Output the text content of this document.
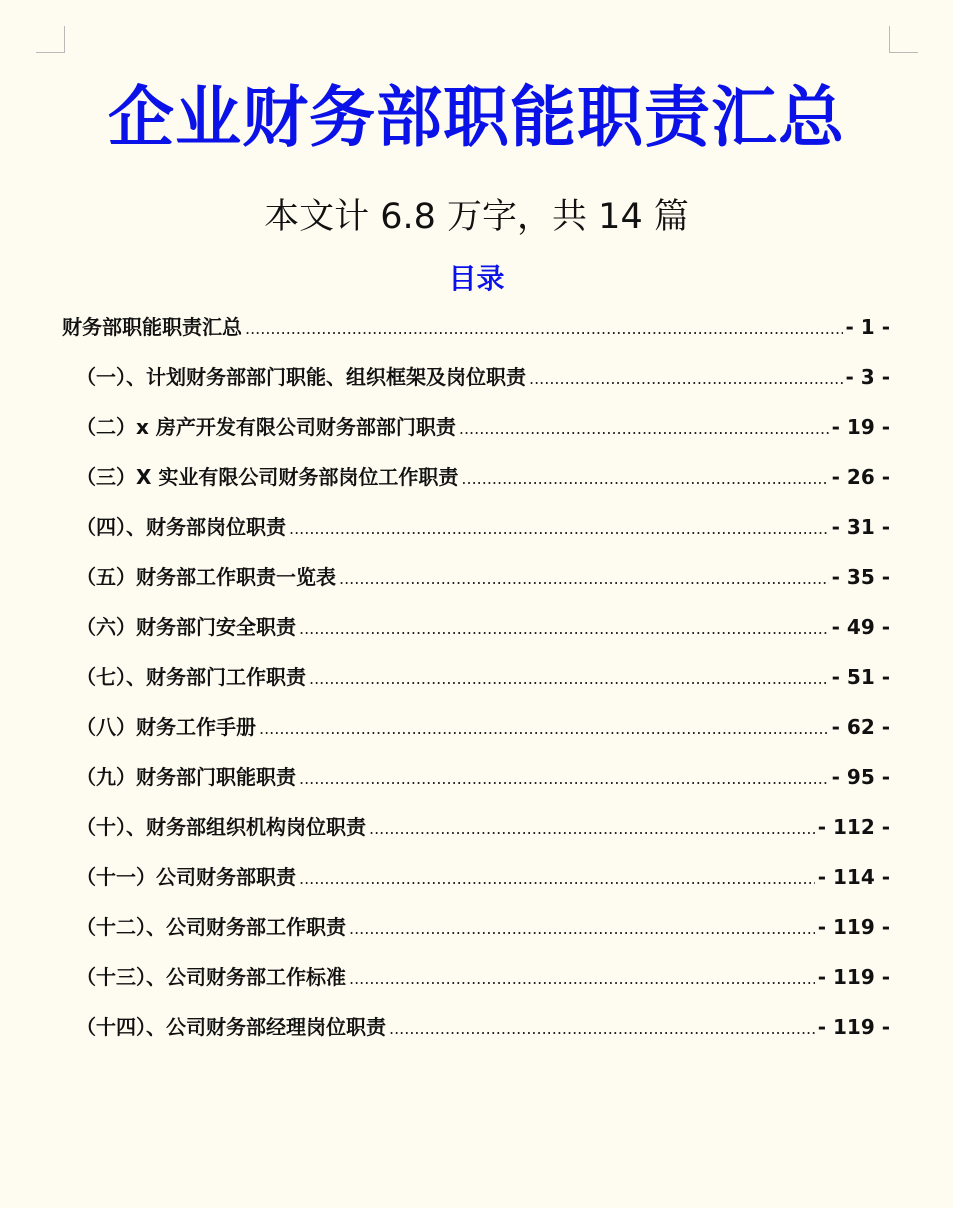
企业财务部职能职责汇总
本文计 6.8 万字，共 14 篇
目录
财务部职能职责汇总 .....	- 1 -
（一）、计划财务部部门职能、组织框架及岗位职责 .....	- 3 -
（二）x 房产开发有限公司财务部部门职责 .....	- 19 -
（三）X 实业有限公司财务部岗位工作职责 .....	- 26 -
（四）、财务部岗位职责 .....	- 31 -
（五）财务部工作职责一览表 .....	- 35 -
（六）财务部门安全职责 .....	- 49 -
（七）、财务部门工作职责 .....	- 51 -
（八）财务工作手册 .....	- 62 -
（九）财务部门职能职责 .....	- 95 -
（十）、财务部组织机构岗位职责 .....	- 112 -
（十一）公司财务部职责 .....	- 114 -
（十二）、公司财务部工作职责 .....	- 119 -
（十三）、公司财务部工作标准 .....	- 119 -
（十四）、公司财务部经理岗位职责 .....	- 119 -
